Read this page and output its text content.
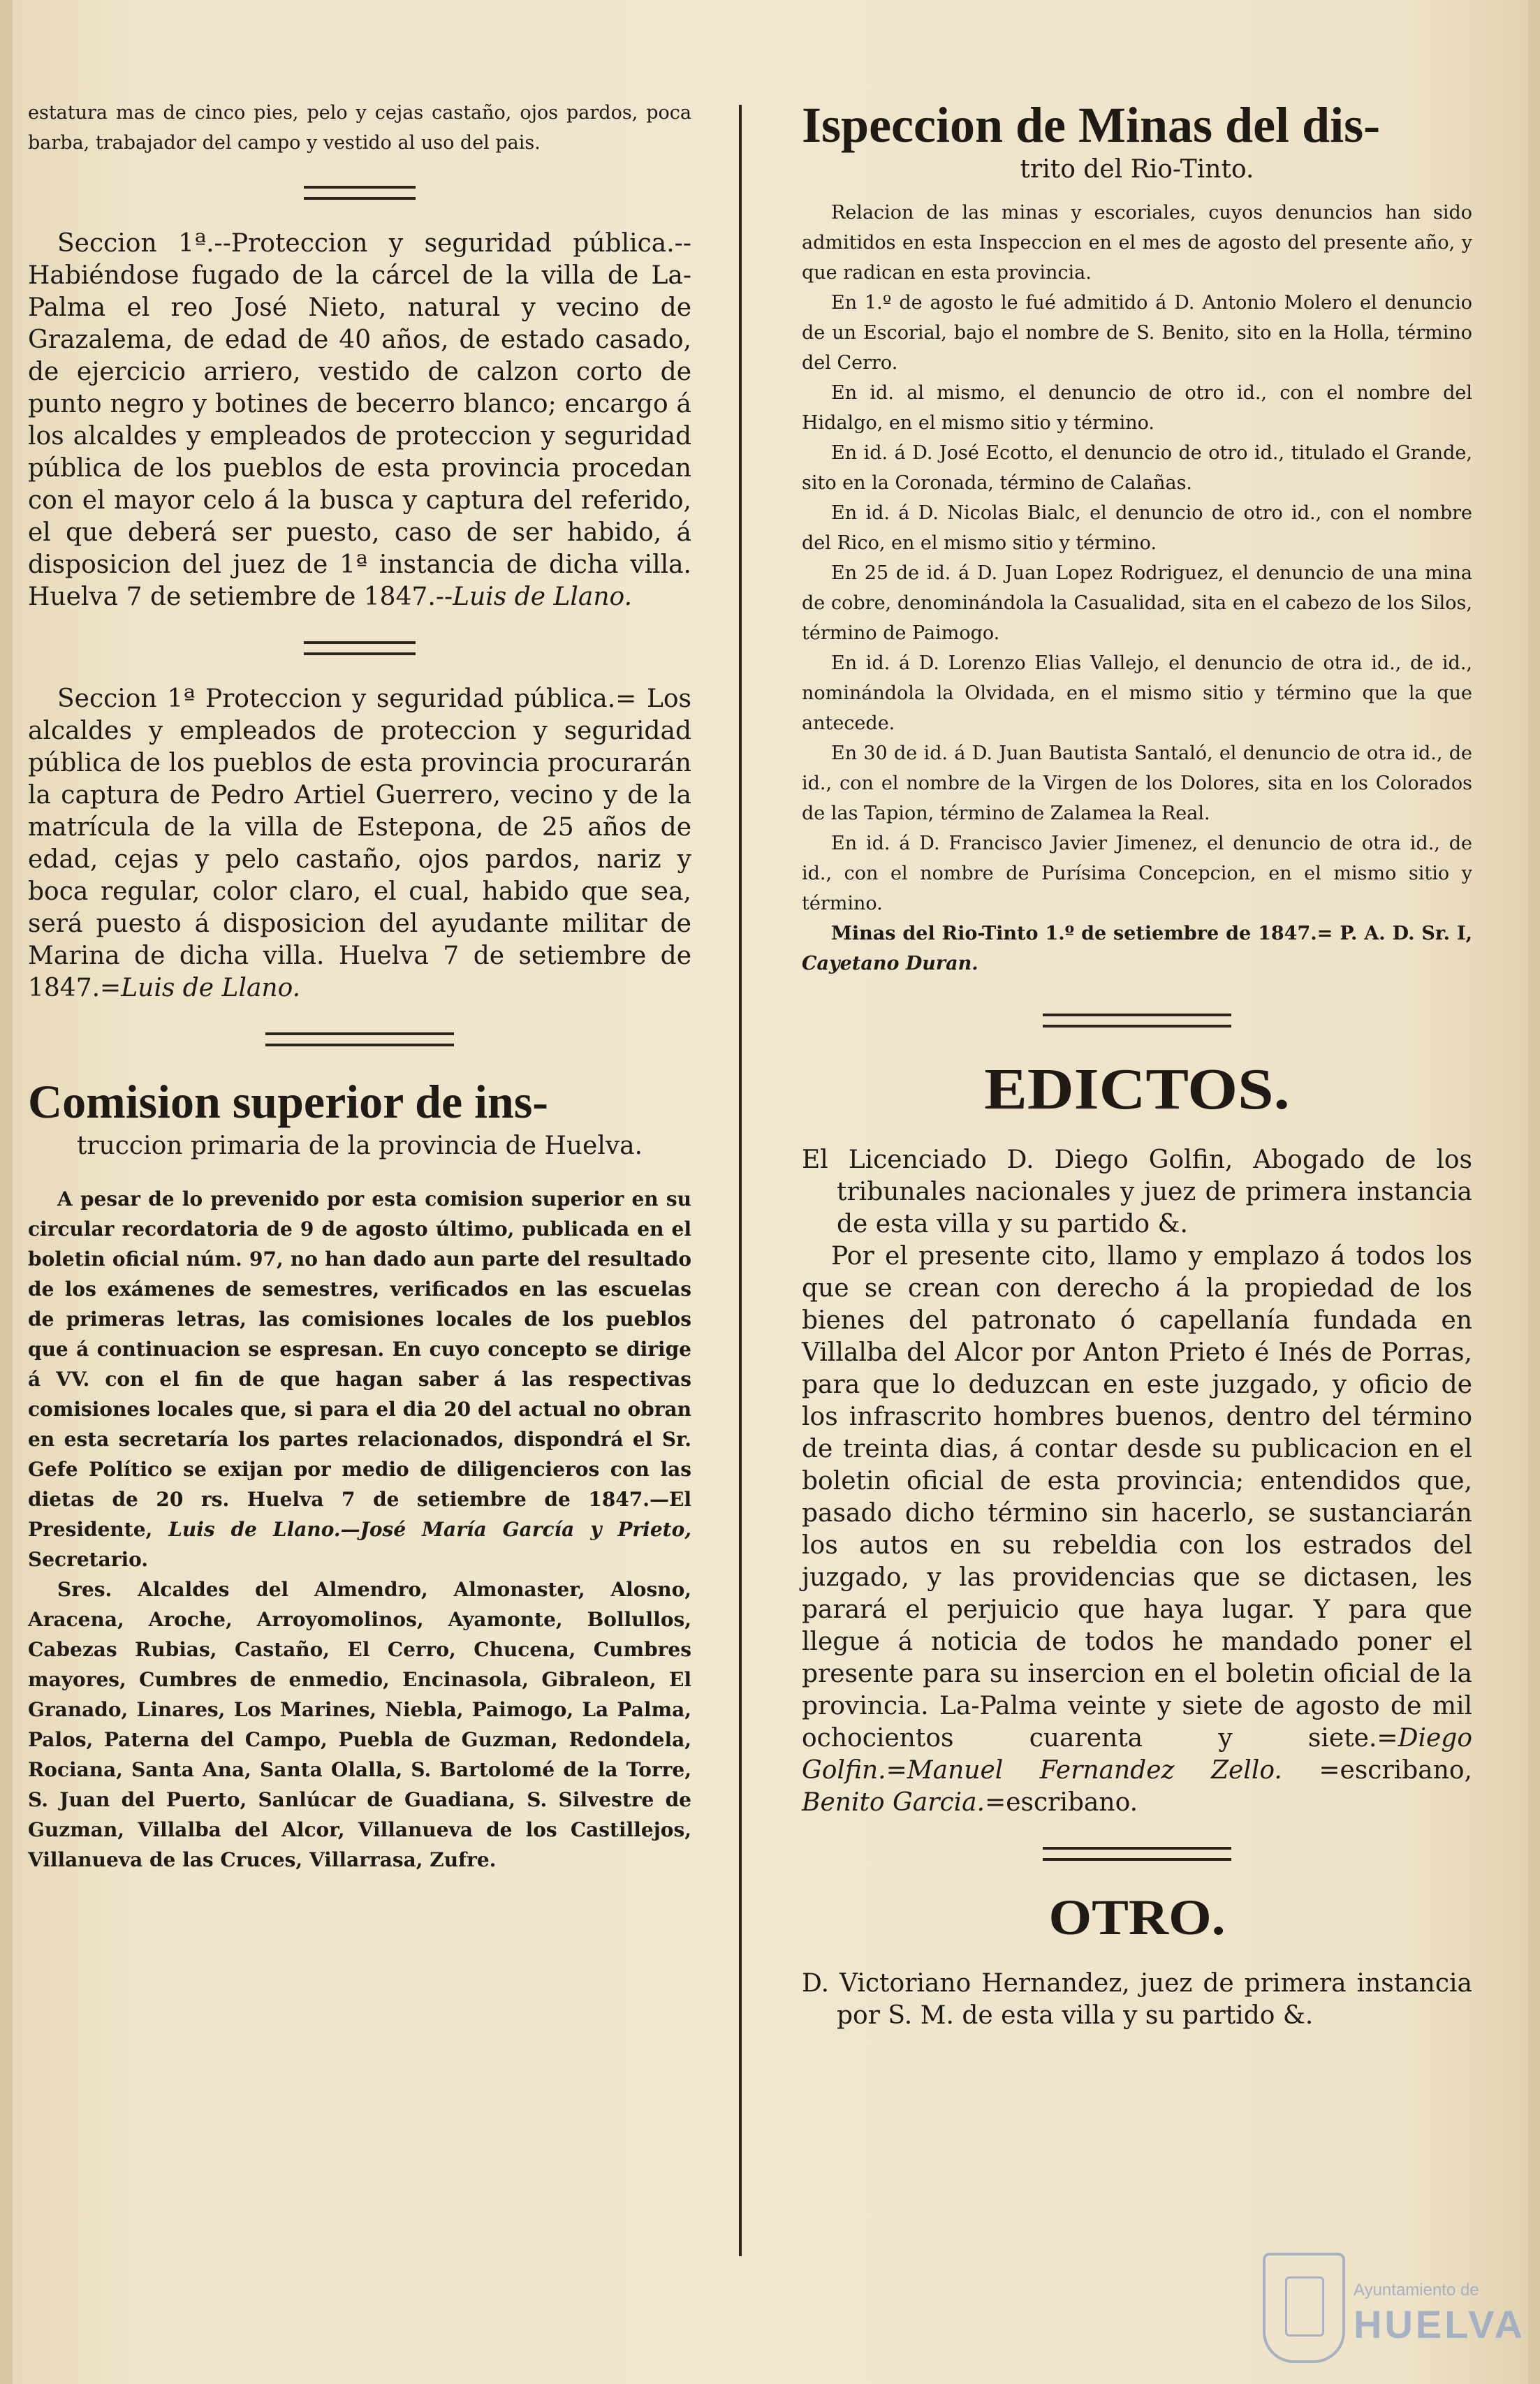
estatura mas de cinco pies, pelo y cejas castaño, ojos pardos, poca barba, trabajador del campo y vestido al uso del pais.

Seccion 1ª.--Proteccion y seguridad pública.-- Habiéndose fugado de la cárcel de la villa de La-Palma el reo José Nieto, natural y vecino de Grazalema, de edad de 40 años, de estado casado, de ejercicio arriero, vestido de calzon corto de punto negro y botines de becerro blanco; encargo á los alcaldes y empleados de proteccion y seguridad pública de los pueblos de esta provincia procedan con el mayor celo á la busca y captura del referido, el que deberá ser puesto, caso de ser habido, á disposicion del juez de 1ª instancia de dicha villa. Huelva 7 de setiembre de 1847.--Luis de Llano.

Seccion 1ª Proteccion y seguridad pública.= Los alcaldes y empleados de proteccion y seguridad pública de los pueblos de esta provincia procurarán la captura de Pedro Artiel Guerrero, vecino y de la matrícula de la villa de Estepona, de 25 años de edad, cejas y pelo castaño, ojos pardos, nariz y boca regular, color claro, el cual, habido que sea, será puesto á disposicion del ayudante militar de Marina de dicha villa. Huelva 7 de setiembre de 1847.=Luis de Llano.

Comision superior de ins-
truccion primaria de la provincia de Huelva.

A pesar de lo prevenido por esta comision superior en su circular recordatoria de 9 de agosto último, publicada en el boletin oficial núm. 97, no han dado aun parte del resultado de los exámenes de semestres, verificados en las escuelas de primeras letras, las comisiones locales de los pueblos que á continuacion se espresan. En cuyo concepto se dirige á VV. con el fin de que hagan saber á las respectivas comisiones locales que, si para el dia 20 del actual no obran en esta secretaría los partes relacionados, dispondrá el Sr. Gefe Político se exijan por medio de diligencieros con las dietas de 20 rs. Huelva 7 de setiembre de 1847.—El Presidente, Luis de Llano.—José María García y Prieto, Secretario.

Sres. Alcaldes del Almendro, Almonaster, Alosno, Aracena, Aroche, Arroyomolinos, Ayamonte, Bollullos, Cabezas Rubias, Castaño, El Cerro, Chucena, Cumbres mayores, Cumbres de enmedio, Encinasola, Gibraleon, El Granado, Linares, Los Marines, Niebla, Paimogo, La Palma, Palos, Paterna del Campo, Puebla de Guzman, Redondela, Rociana, Santa Ana, Santa Olalla, S. Bartolomé de la Torre, S. Juan del Puerto, Sanlúcar de Guadiana, S. Silvestre de Guzman, Villalba del Alcor, Villanueva de los Castillejos, Villanueva de las Cruces, Villarrasa, Zufre.

Ispeccion de Minas del dis-
trito del Rio-Tinto.

Relacion de las minas y escoriales, cuyos denuncios han sido admitidos en esta Inspeccion en el mes de agosto del presente año, y que radican en esta provincia.

En 1.º de agosto le fué admitido á D. Antonio Molero el denuncio de un Escorial, bajo el nombre de S. Benito, sito en la Holla, término del Cerro.

En id. al mismo, el denuncio de otro id., con el nombre del Hidalgo, en el mismo sitio y término.

En id. á D. José Ecotto, el denuncio de otro id., titulado el Grande, sito en la Coronada, término de Calañas.

En id. á D. Nicolas Bialc, el denuncio de otro id., con el nombre del Rico, en el mismo sitio y término.

En 25 de id. á D. Juan Lopez Rodriguez, el denuncio de una mina de cobre, denominándola la Casualidad, sita en el cabezo de los Silos, término de Paimogo.

En id. á D. Lorenzo Elias Vallejo, el denuncio de otra id., de id., nominándola la Olvidada, en el mismo sitio y término que la que antecede.

En 30 de id. á D. Juan Bautista Santaló, el denuncio de otra id., de id., con el nombre de la Virgen de los Dolores, sita en los Colorados de las Tapion, término de Zalamea la Real.

En id. á D. Francisco Javier Jimenez, el denuncio de otra id., de id., con el nombre de Purísima Concepcion, en el mismo sitio y término.

Minas del Rio-Tinto 1.º de setiembre de 1847.= P. A. D. Sr. I, Cayetano Duran.

EDICTOS.

El Licenciado D. Diego Golfin, Abogado de los tribunales nacionales y juez de primera instancia de esta villa y su partido &.

Por el presente cito, llamo y emplazo á todos los que se crean con derecho á la propiedad de los bienes del patronato ó capellanía fundada en Villalba del Alcor por Anton Prieto é Inés de Porras, para que lo deduzcan en este juzgado, y oficio de los infrascrito hombres buenos, dentro del término de treinta dias, á contar desde su publicacion en el boletin oficial de esta provincia; entendidos que, pasado dicho término sin hacerlo, se sustanciarán los autos en su rebeldia con los estrados del juzgado, y las providencias que se dictasen, les parará el perjuicio que haya lugar. Y para que llegue á noticia de todos he mandado poner el presente para su insercion en el boletin oficial de la provincia. La-Palma veinte y siete de agosto de mil ochocientos cuarenta y siete.=Diego Golfin.=Manuel Fernandez Zello. =escribano, Benito Garcia.=escribano.

OTRO.

D. Victoriano Hernandez, juez de primera instancia por S. M. de esta villa y su partido &.

Ayuntamiento de
HUELVA
